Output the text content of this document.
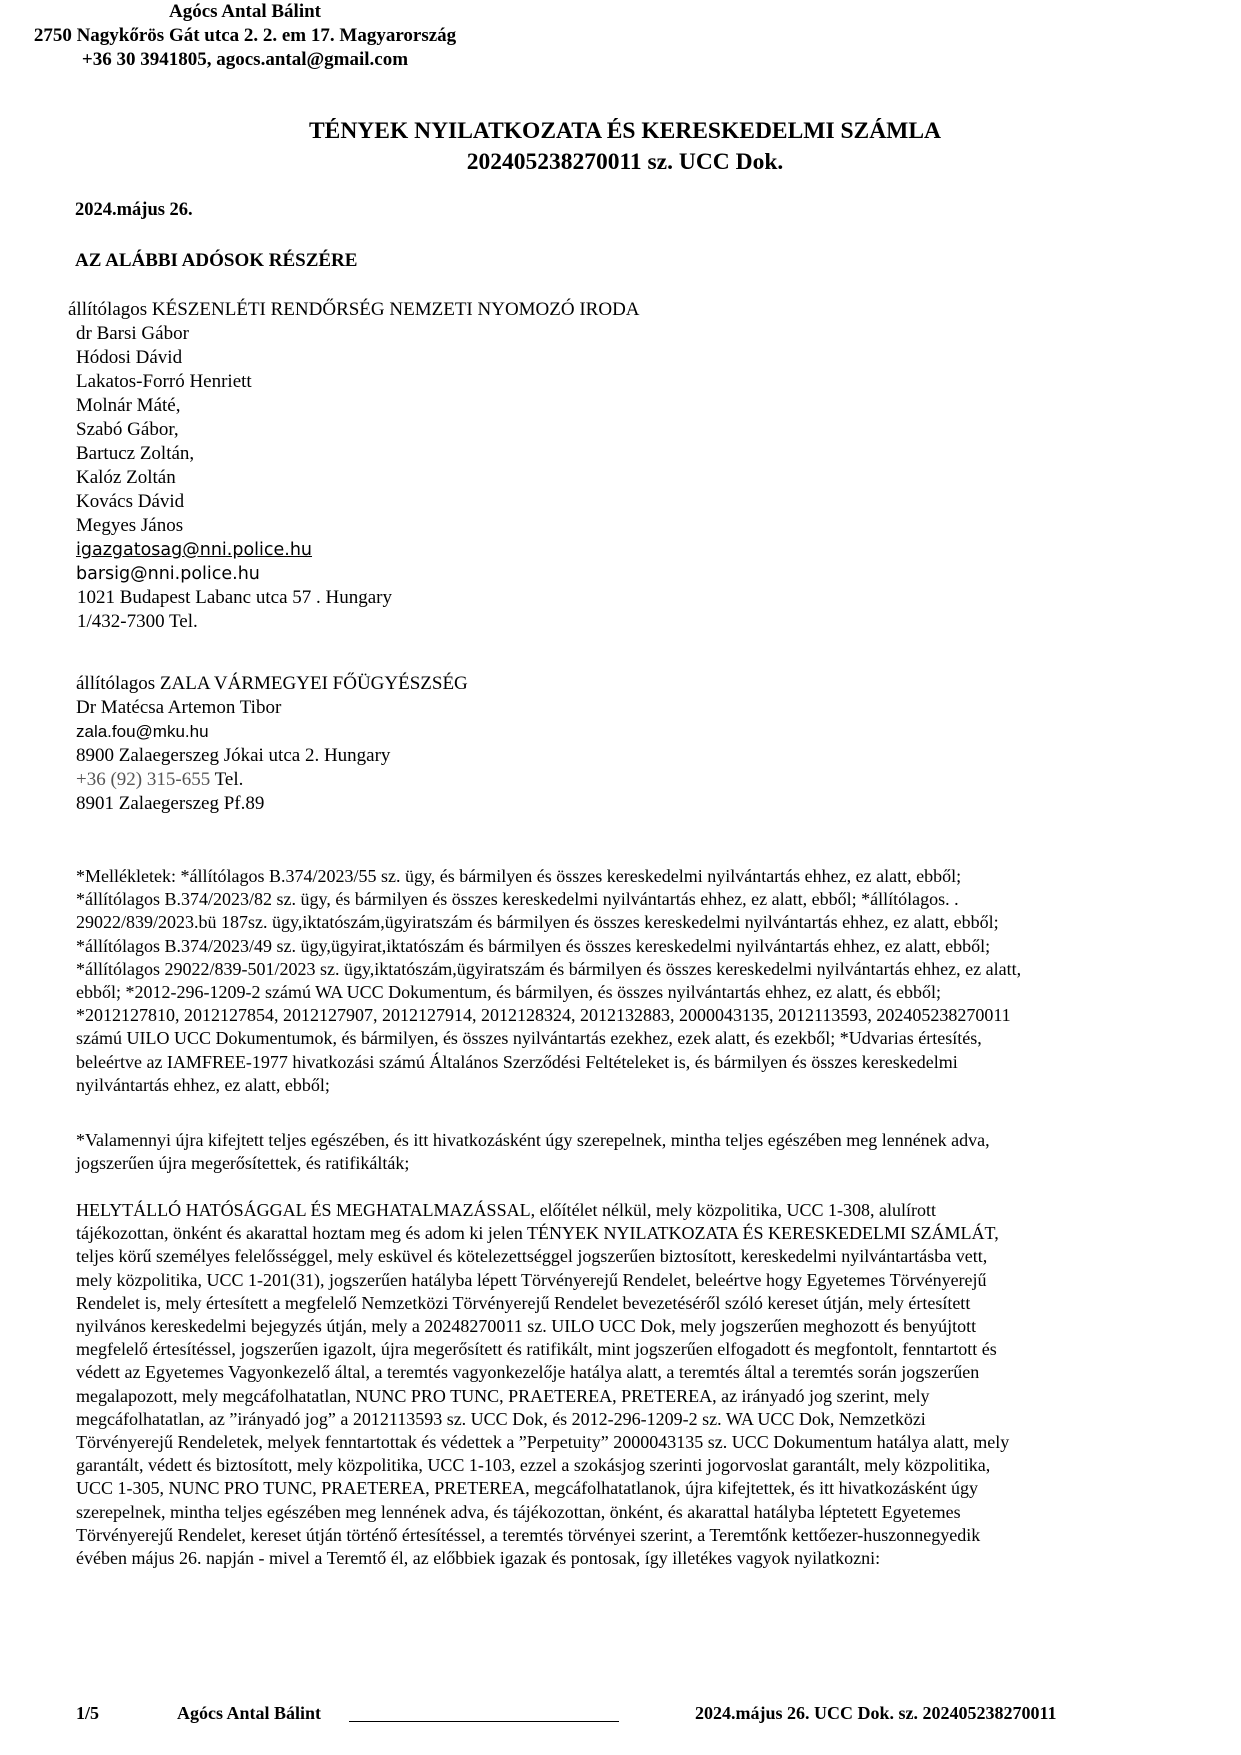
Agócs Antal Bálint
2750 Nagykőrös Gát utca 2. 2. em 17. Magyarország
+36 30 3941805, agocs.antal@gmail.com
TÉNYEK NYILATKOZATA ÉS KERESKEDELMI SZÁMLA
202405238270011 sz. UCC Dok.
2024.május 26.
AZ ALÁBBI ADÓSOK RÉSZÉRE
állítólagos KÉSZENLÉTI RENDŐRSÉG NEMZETI NYOMOZÓ IRODA
dr Barsi Gábor
Hódosi Dávid
Lakatos-Forró Henriett
Molnár Máté,
Szabó Gábor,
Bartucz Zoltán,
Kalóz Zoltán
Kovács Dávid
Megyes János
igazgatosag@nni.police.hu
barsig@nni.police.hu
1021 Budapest Labanc utca 57 . Hungary
1/432-7300 Tel.
állítólagos ZALA VÁRMEGYEI FŐÜGYÉSZSÉG
Dr Matécsa Artemon Tibor
zala.fou@mku.hu
8900 Zalaegerszeg Jókai utca 2. Hungary
+36 (92) 315-655 Tel.
8901 Zalaegerszeg Pf.89
*Mellékletek: *állítólagos B.374/2023/55 sz. ügy, és bármilyen és összes kereskedelmi nyilvántartás ehhez, ez alatt, ebből;
*állítólagos B.374/2023/82 sz. ügy, és bármilyen és összes kereskedelmi nyilvántartás ehhez, ez alatt, ebből; *állítólagos. .
29022/839/2023.bü 187sz. ügy,iktatószám,ügyiratszám és bármilyen és összes kereskedelmi nyilvántartás ehhez, ez alatt, ebből;
*állítólagos B.374/2023/49 sz. ügy,ügyirat,iktatószám és bármilyen és összes kereskedelmi nyilvántartás ehhez, ez alatt, ebből;
*állítólagos 29022/839-501/2023 sz. ügy,iktatószám,ügyiratszám és bármilyen és összes kereskedelmi nyilvántartás ehhez, ez alatt,
ebből; *2012-296-1209-2 számú WA UCC Dokumentum, és bármilyen, és összes nyilvántartás ehhez, ez alatt, és ebből;
*2012127810, 2012127854, 2012127907, 2012127914, 2012128324, 2012132883, 2000043135, 2012113593, 202405238270011
számú UILO UCC Dokumentumok, és bármilyen, és összes nyilvántartás ezekhez, ezek alatt, és ezekből; *Udvarias értesítés,
beleértve az IAMFREE-1977 hivatkozási számú Általános Szerződési Feltételeket is, és bármilyen és összes kereskedelmi
nyilvántartás ehhez, ez alatt, ebből;
*Valamennyi újra kifejtett teljes egészében, és itt hivatkozásként úgy szerepelnek, mintha teljes egészében meg lennének adva,
jogszerűen újra megerősítettek, és ratifikálták;
HELYTÁLLÓ HATÓSÁGGAL ÉS MEGHATALMAZÁSSAL, előítélet nélkül, mely közpolitika, UCC 1-308, alulírott
tájékozottan, önként és akarattal hoztam meg és adom ki jelen TÉNYEK NYILATKOZATA ÉS KERESKEDELMI SZÁMLÁT,
teljes körű személyes felelősséggel, mely esküvel és kötelezettséggel jogszerűen biztosított, kereskedelmi nyilvántartásba vett,
mely közpolitika, UCC 1-201(31), jogszerűen hatályba lépett Törvényerejű Rendelet, beleértve hogy Egyetemes Törvényerejű
Rendelet is, mely értesített a megfelelő Nemzetközi Törvényerejű Rendelet bevezetéséről szóló kereset útján, mely értesített
nyilvános kereskedelmi bejegyzés útján, mely a 20248270011 sz. UILO UCC Dok, mely jogszerűen meghozott és benyújtott
megfelelő értesítéssel, jogszerűen igazolt, újra megerősített és ratifikált, mint jogszerűen elfogadott és megfontolt, fenntartott és
védett az Egyetemes Vagyonkezelő által, a teremtés vagyonkezelője hatálya alatt, a teremtés által a teremtés során jogszerűen
megalapozott, mely megcáfolhatatlan, NUNC PRO TUNC, PRAETEREA, PRETEREA, az irányadó jog szerint, mely
megcáfolhatatlan, az ”irányadó jog” a 2012113593 sz. UCC Dok, és 2012-296-1209-2 sz. WA UCC Dok, Nemzetközi
Törvényerejű Rendeletek, melyek fenntartottak és védettek a ”Perpetuity” 2000043135 sz. UCC Dokumentum hatálya alatt, mely
garantált, védett és biztosított, mely közpolitika, UCC 1-103, ezzel a szokásjog szerinti jogorvoslat garantált, mely közpolitika,
UCC 1-305, NUNC PRO TUNC, PRAETEREA, PRETEREA, megcáfolhatatlanok, újra kifejtettek, és itt hivatkozásként úgy
szerepelnek, mintha teljes egészében meg lennének adva, és tájékozottan, önként, és akarattal hatályba léptetett Egyetemes
Törvényerejű Rendelet, kereset útján történő értesítéssel, a teremtés törvényei szerint, a Teremtőnk kettőezer-huszonnegyedik
évében május 26. napján - mivel a Teremtő él, az előbbiek igazak és pontosak, így illetékes vagyok nyilatkozni:
1/5	Agócs Antal Bálint	2024.május 26. UCC Dok. sz. 202405238270011
